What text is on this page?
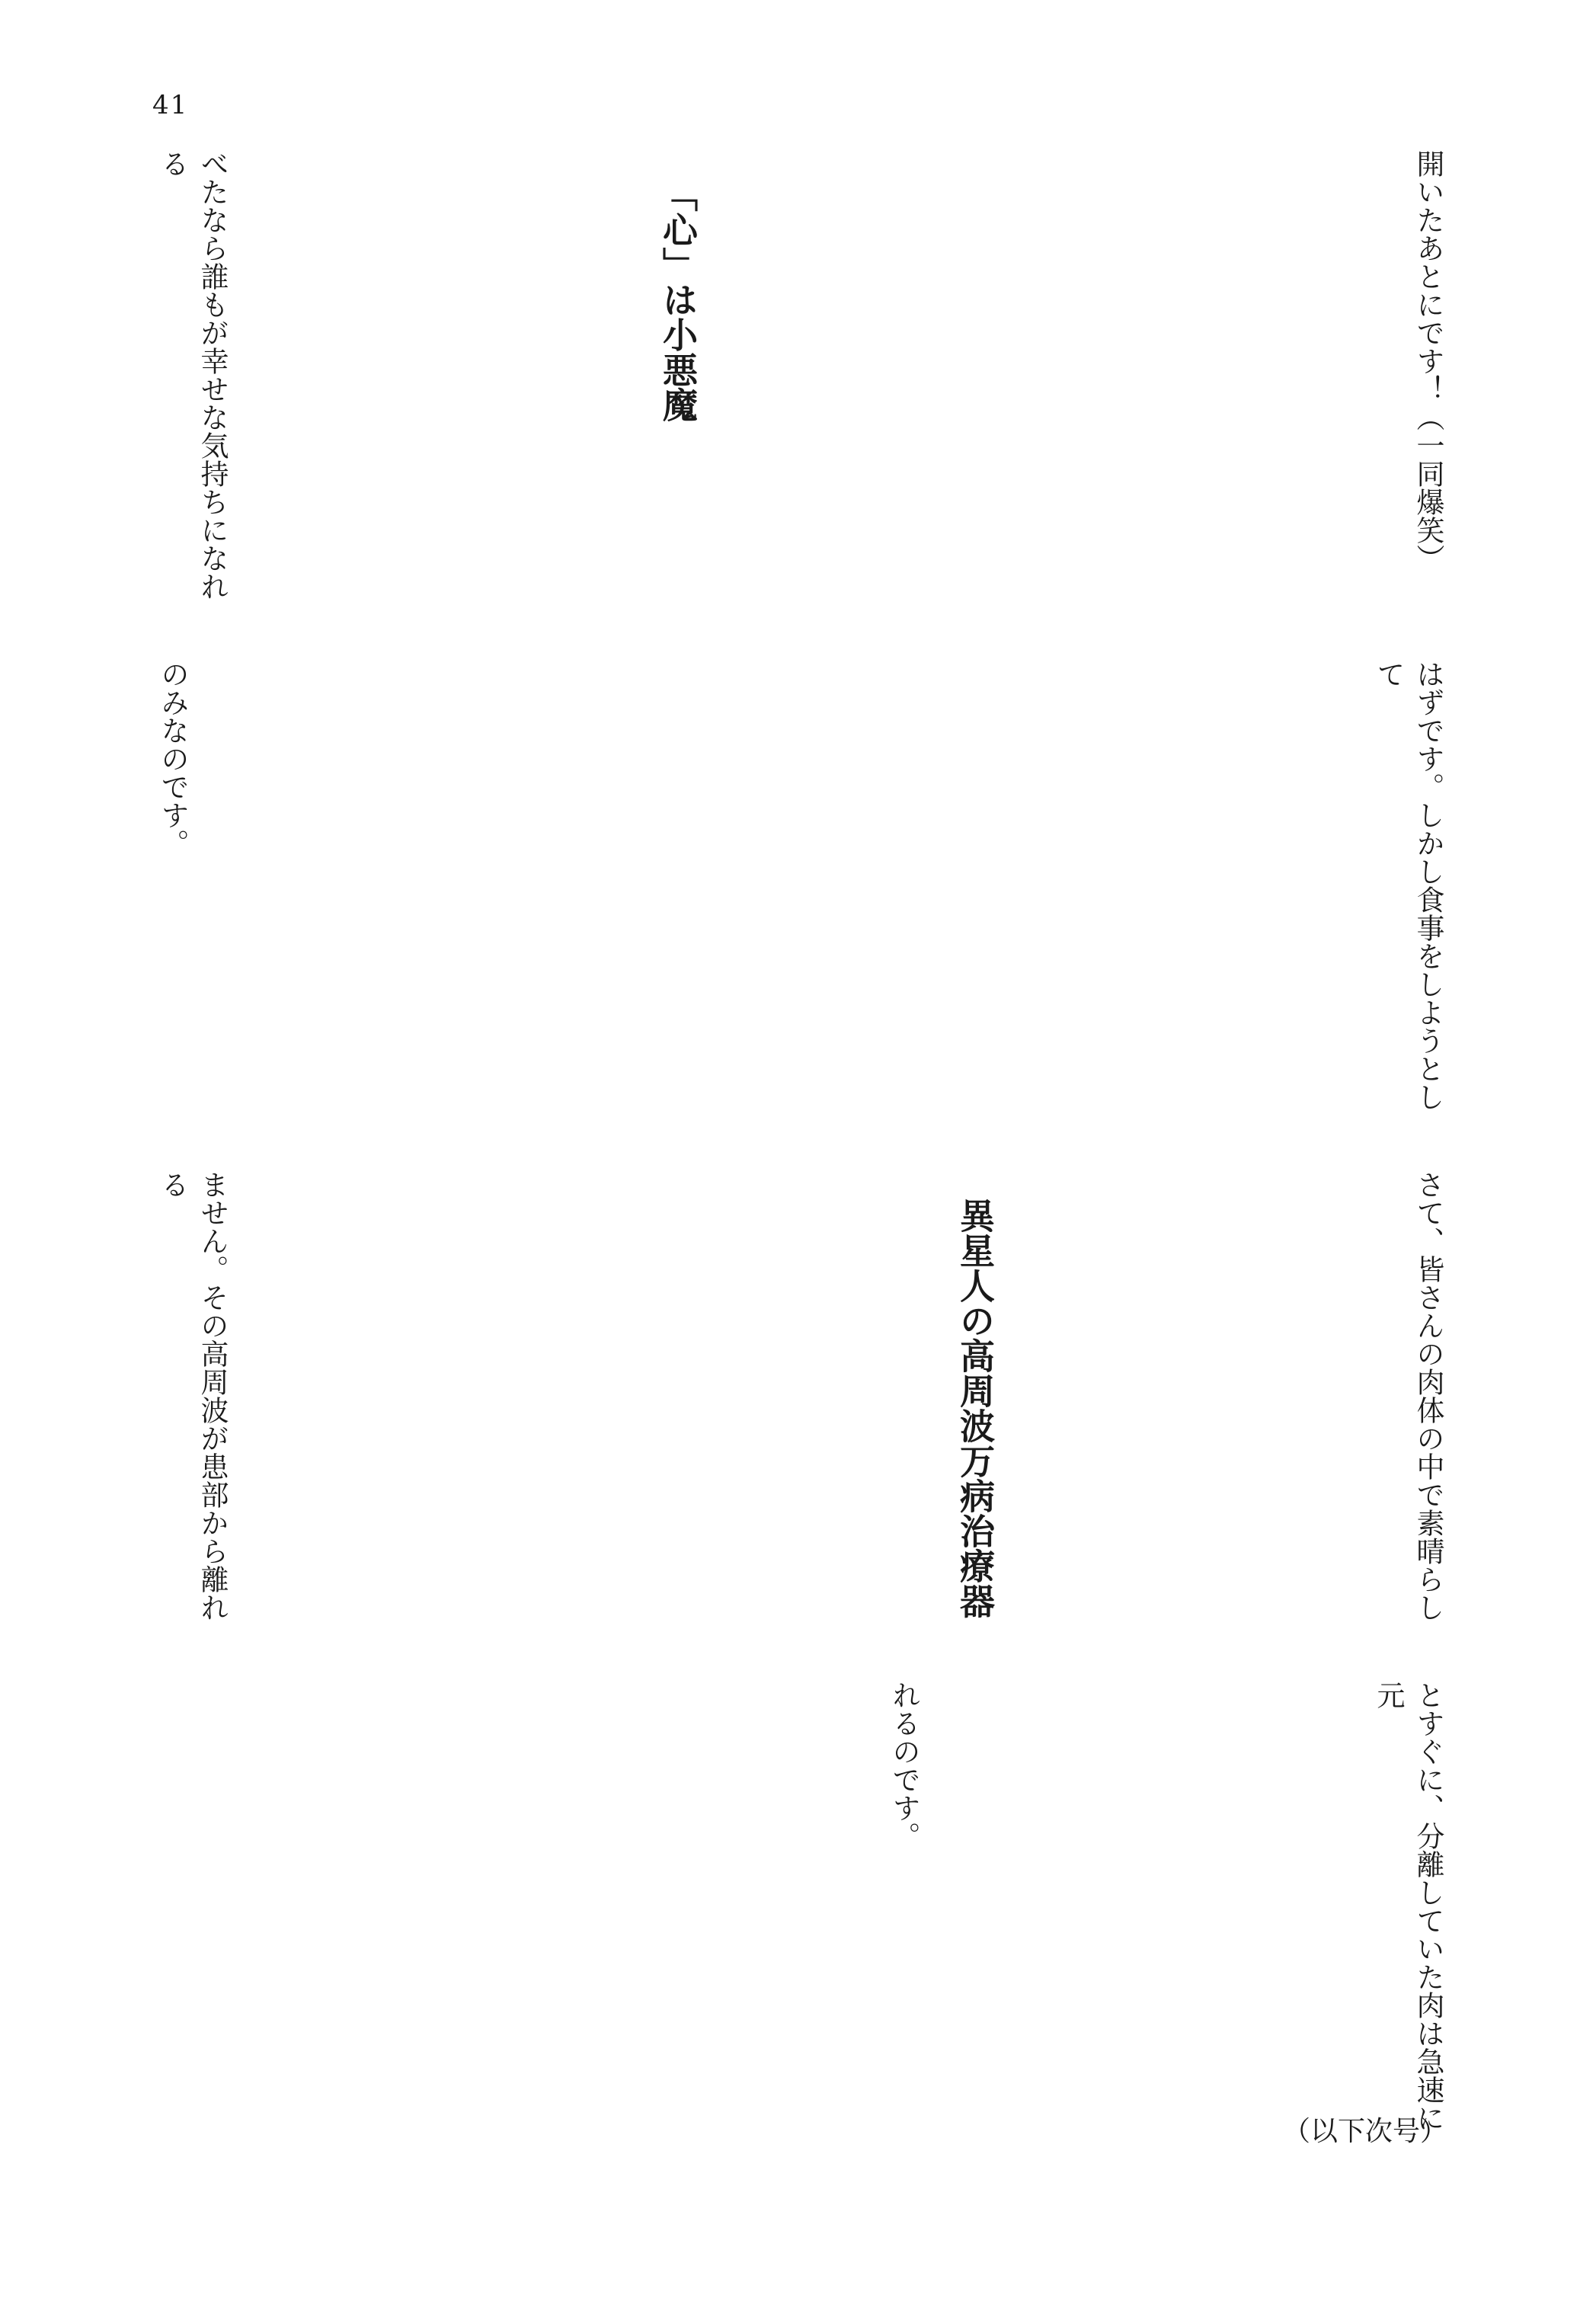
41
開いたあとにです！（一同爆笑）
「心」は小悪魔
べたなら誰もが幸せな気持ちになれる
はずです。しかし食事をしようとして
のみなのです。
さて、皆さんの肉体の中で素晴らし
異星人の高周波万病治療器
ません。その高周波が患部から離れる
とすぐに、分離していた肉は急速に元
れるのです。
（以下次号）
